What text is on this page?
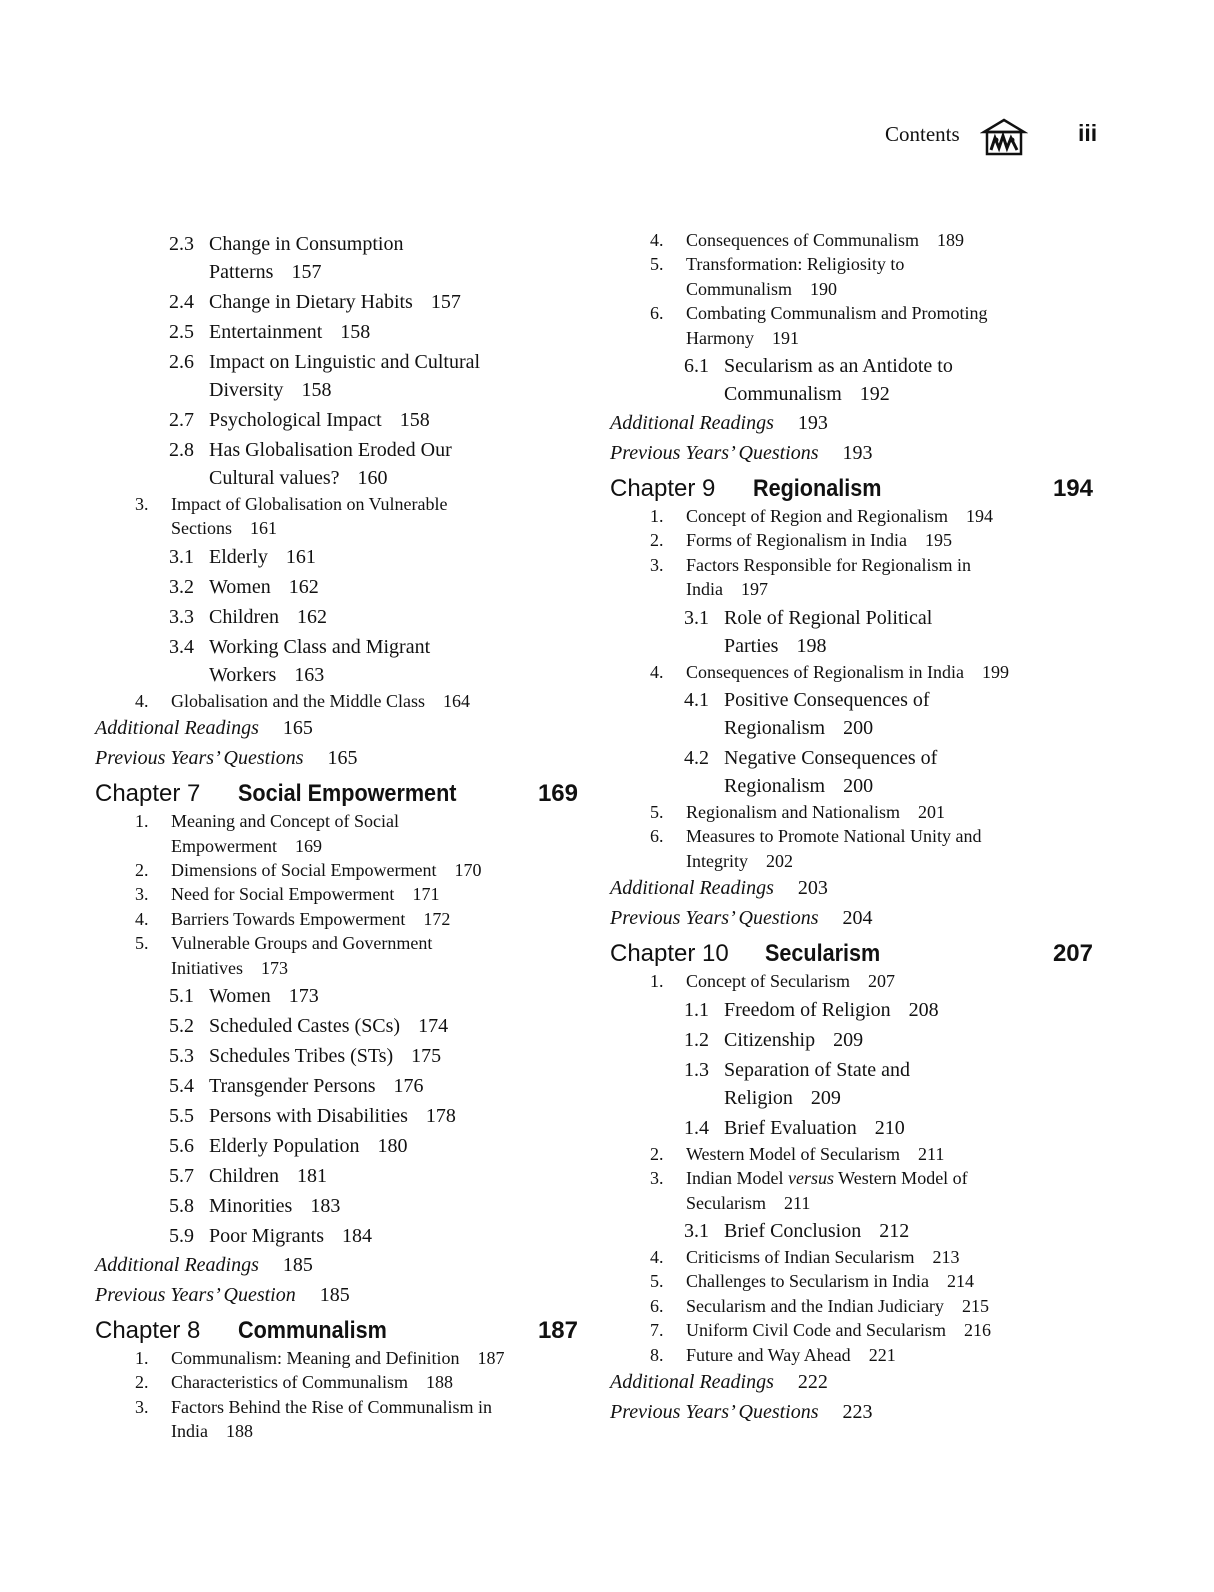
Contents	iii
2.3 Change in Consumption Patterns 157
2.4 Change in Dietary Habits 157
2.5 Entertainment 158
2.6 Impact on Linguistic and Cultural Diversity 158
2.7 Psychological Impact 158
2.8 Has Globalisation Eroded Our Cultural values? 160
3. Impact of Globalisation on Vulnerable Sections 161
3.1 Elderly 161
3.2 Women 162
3.3 Children 162
3.4 Working Class and Migrant Workers 163
4. Globalisation and the Middle Class 164
Additional Readings 165
Previous Years’ Questions 165
Chapter 7 Social Empowerment	169
1. Meaning and Concept of Social Empowerment 169
2. Dimensions of Social Empowerment 170
3. Need for Social Empowerment 171
4. Barriers Towards Empowerment 172
5. Vulnerable Groups and Government Initiatives 173
5.1 Women 173
5.2 Scheduled Castes (SCs) 174
5.3 Schedules Tribes (STs) 175
5.4 Transgender Persons 176
5.5 Persons with Disabilities 178
5.6 Elderly Population 180
5.7 Children 181
5.8 Minorities 183
5.9 Poor Migrants 184
Additional Readings 185
Previous Years’ Question 185
Chapter 8 Communalism	187
1. Communalism: Meaning and Definition 187
2. Characteristics of Communalism 188
3. Factors Behind the Rise of Communalism in India 188
4. Consequences of Communalism 189
5. Transformation: Religiosity to Communalism 190
6. Combating Communalism and Promoting Harmony 191
6.1 Secularism as an Antidote to Communalism 192
Additional Readings 193
Previous Years’ Questions 193
Chapter 9 Regionalism	194
1. Concept of Region and Regionalism 194
2. Forms of Regionalism in India 195
3. Factors Responsible for Regionalism in India 197
3.1 Role of Regional Political Parties 198
4. Consequences of Regionalism in India 199
4.1 Positive Consequences of Regionalism 200
4.2 Negative Consequences of Regionalism 200
5. Regionalism and Nationalism 201
6. Measures to Promote National Unity and Integrity 202
Additional Readings 203
Previous Years’ Questions 204
Chapter 10 Secularism	207
1. Concept of Secularism 207
1.1 Freedom of Religion 208
1.2 Citizenship 209
1.3 Separation of State and Religion 209
1.4 Brief Evaluation 210
2. Western Model of Secularism 211
3. Indian Model versus Western Model of Secularism 211
3.1 Brief Conclusion 212
4. Criticisms of Indian Secularism 213
5. Challenges to Secularism in India 214
6. Secularism and the Indian Judiciary 215
7. Uniform Civil Code and Secularism 216
8. Future and Way Ahead 221
Additional Readings 222
Previous Years’ Questions 223
